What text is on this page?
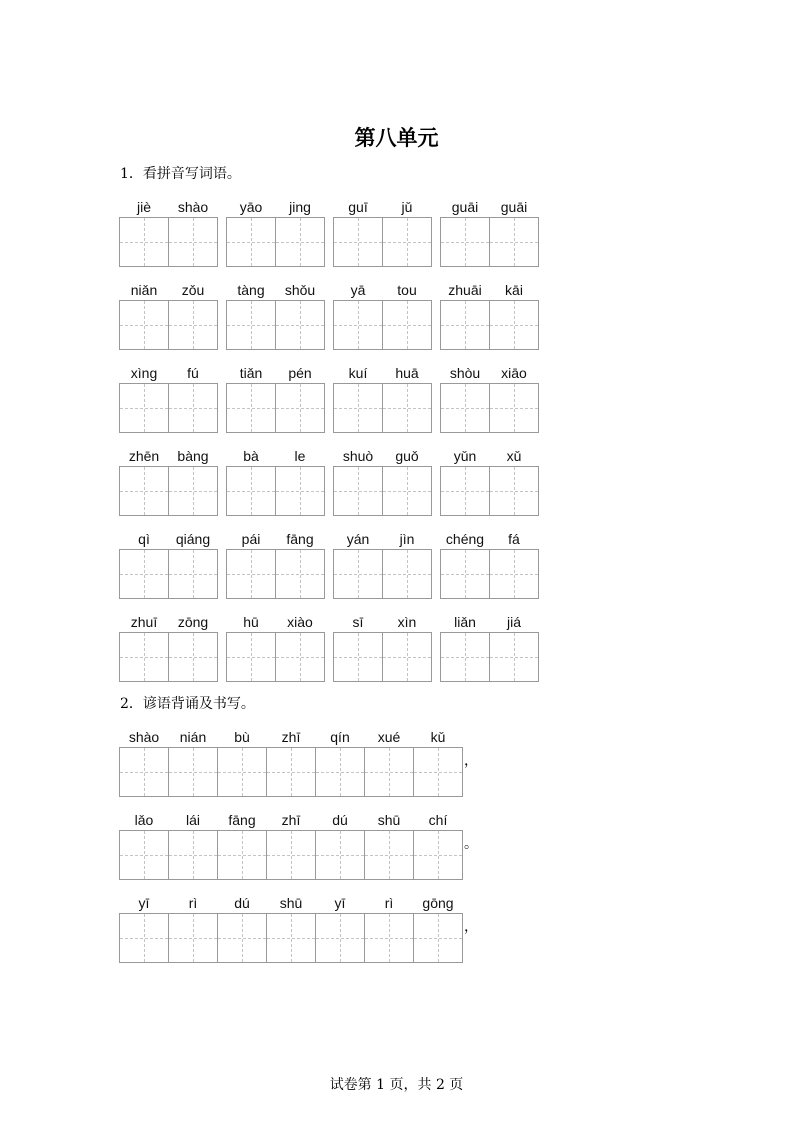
第八单元
1．看拼音写词语。
jiè	shào	yāo	jing	guī	jǔ	guāi	guāi
niǎn	zǒu	tàng	shǒu	yā	tou	zhuāi	kāi
xìng	fú	tiǎn	pén	kuí	huā	shòu	xiāo
zhēn	bàng	bà	le	shuò	guǒ	yǔn	xǔ
qì	qiáng	pái	fāng	yán	jìn	chéng	fá
zhuī	zōng	hū	xiào	sī	xìn	liǎn	jiá
2．谚语背诵及书写。
shào	nián	bù	zhī	qín	xué	kǔ
，
lǎo	lái	fāng	zhī	dú	shū	chí
。
yī	rì	dú	shū	yī	rì	gōng
，
试卷第 1 页，共 2 页
